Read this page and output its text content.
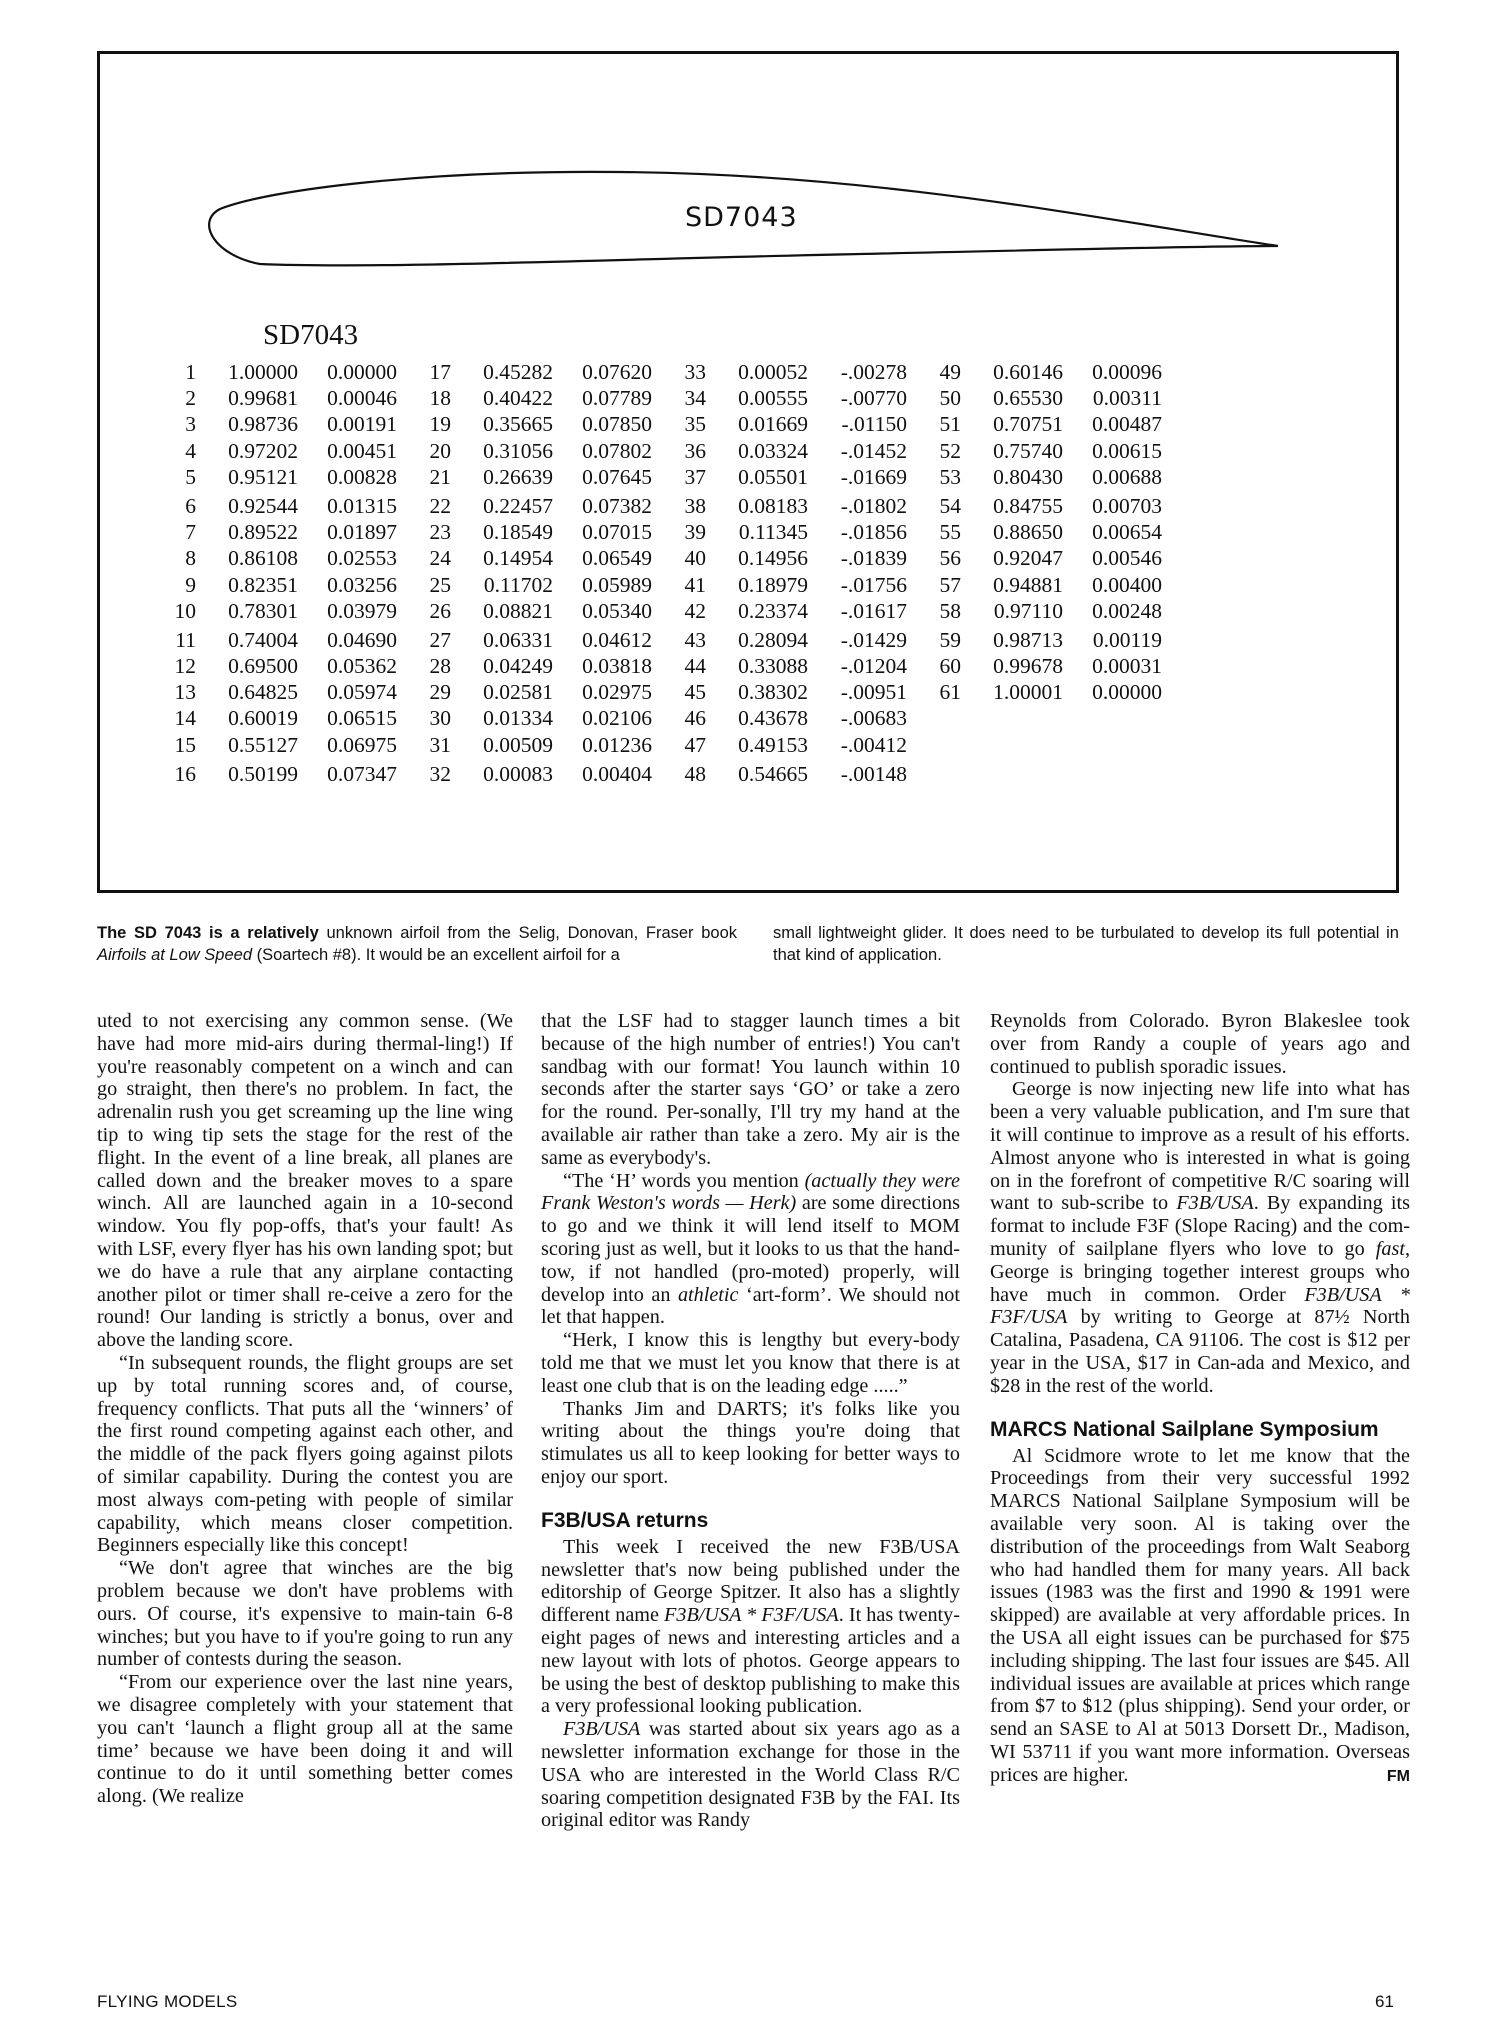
SD7043
SD7043
1 1.00000 0.00000
2 0.99681 0.00046
3 0.98736 0.00191
4 0.97202 0.00451
5 0.95121 0.00828
6 0.92544 0.01315
7 0.89522 0.01897
8 0.86108 0.02553
9 0.82351 0.03256
10 0.78301 0.03979
11 0.74004 0.04690
12 0.69500 0.05362
13 0.64825 0.05974
14 0.60019 0.06515
15 0.55127 0.06975
16 0.50199 0.07347
17 0.45282 0.07620
18 0.40422 0.07789
19 0.35665 0.07850
20 0.31056 0.07802
21 0.26639 0.07645
22 0.22457 0.07382
23 0.18549 0.07015
24 0.14954 0.06549
25 0.11702 0.05989
26 0.08821 0.05340
27 0.06331 0.04612
28 0.04249 0.03818
29 0.02581 0.02975
30 0.01334 0.02106
31 0.00509 0.01236
32 0.00083 0.00404
33 0.00052 -.00278
34 0.00555 -.00770
35 0.01669 -.01150
36 0.03324 -.01452
37 0.05501 -.01669
38 0.08183 -.01802
39 0.11345 -.01856
40 0.14956 -.01839
41 0.18979 -.01756
42 0.23374 -.01617
43 0.28094 -.01429
44 0.33088 -.01204
45 0.38302 -.00951
46 0.43678 -.00683
47 0.49153 -.00412
48 0.54665 -.00148
49 0.60146 0.00096
50 0.65530 0.00311
51 0.70751 0.00487
52 0.75740 0.00615
53 0.80430 0.00688
54 0.84755 0.00703
55 0.88650 0.00654
56 0.92047 0.00546
57 0.94881 0.00400
58 0.97110 0.00248
59 0.98713 0.00119
60 0.99678 0.00031
61 1.00001 0.00000
The SD 7043 is a relatively unknown airfoil from the Selig, Donovan, Fraser book Airfoils at Low Speed (Soartech #8). It would be an excellent airfoil for a
small lightweight glider. It does need to be turbulated to develop its full potential in that kind of application.

uted to not exercising any common sense. (We have had more mid-airs during thermal-ling!) If you're reasonably competent on a winch and can go straight, then there's no problem. In fact, the adrenalin rush you get screaming up the line wing tip to wing tip sets the stage for the rest of the flight. In the event of a line break, all planes are called down and the breaker moves to a spare winch. All are launched again in a 10-second window. You fly pop-offs, that's your fault! As with LSF, every flyer has his own landing spot; but we do have a rule that any airplane contacting another pilot or timer shall re-ceive a zero for the round! Our landing is strictly a bonus, over and above the landing score.

“In subsequent rounds, the flight groups are set up by total running scores and, of course, frequency conflicts. That puts all the ‘winners’ of the first round competing against each other, and the middle of the pack flyers going against pilots of similar capability. During the contest you are most always com-peting with people of similar capability, which means closer competition. Beginners especially like this concept!

“We don't agree that winches are the big problem because we don't have problems with ours. Of course, it's expensive to main-tain 6-8 winches; but you have to if you're going to run any number of contests during the season.

“From our experience over the last nine years, we disagree completely with your statement that you can't ‘launch a flight group all at the same time’ because we have been doing it and will continue to do it until something better comes along. (We realize

that the LSF had to stagger launch times a bit because of the high number of entries!) You can't sandbag with our format! You launch within 10 seconds after the starter says ‘GO’ or take a zero for the round. Per-sonally, I'll try my hand at the available air rather than take a zero. My air is the same as everybody's.

“The ‘H’ words you mention (actually they were Frank Weston's words — Herk) are some directions to go and we think it will lend itself to MOM scoring just as well, but it looks to us that the hand-tow, if not handled (pro-moted) properly, will develop into an athletic ‘art-form’. We should not let that happen.

“Herk, I know this is lengthy but every-body told me that we must let you know that there is at least one club that is on the leading edge .....”

Thanks Jim and DARTS; it's folks like you writing about the things you're doing that stimulates us all to keep looking for better ways to enjoy our sport.

F3B/USA returns

This week I received the new F3B/USA newsletter that's now being published under the editorship of George Spitzer. It also has a slightly different name F3B/USA * F3F/USA. It has twenty-eight pages of news and interesting articles and a new layout with lots of photos. George appears to be using the best of desktop publishing to make this a very professional looking publication.

F3B/USA was started about six years ago as a newsletter information exchange for those in the USA who are interested in the World Class R/C soaring competition designated F3B by the FAI. Its original editor was Randy

Reynolds from Colorado. Byron Blakeslee took over from Randy a couple of years ago and continued to publish sporadic issues.

George is now injecting new life into what has been a very valuable publication, and I'm sure that it will continue to improve as a result of his efforts. Almost anyone who is interested in what is going on in the forefront of competitive R/C soaring will want to sub-scribe to F3B/USA. By expanding its format to include F3F (Slope Racing) and the com-munity of sailplane flyers who love to go fast, George is bringing together interest groups who have much in common. Order F3B/USA * F3F/USA by writing to George at 87½ North Catalina, Pasadena, CA 91106. The cost is $12 per year in the USA, $17 in Can-ada and Mexico, and $28 in the rest of the world.

MARCS National Sailplane Symposium

Al Scidmore wrote to let me know that the Proceedings from their very successful 1992 MARCS National Sailplane Symposium will be available very soon. Al is taking over the distribution of the proceedings from Walt Seaborg who had handled them for many years. All back issues (1983 was the first and 1990 & 1991 were skipped) are available at very affordable prices. In the USA all eight issues can be purchased for $75 including shipping. The last four issues are $45. All individual issues are available at prices which range from $7 to $12 (plus shipping). Send your order, or send an SASE to Al at 5013 Dorsett Dr., Madison, WI 53711 if you want more information. Overseas prices are higher.	FM

FLYING MODELS	61
